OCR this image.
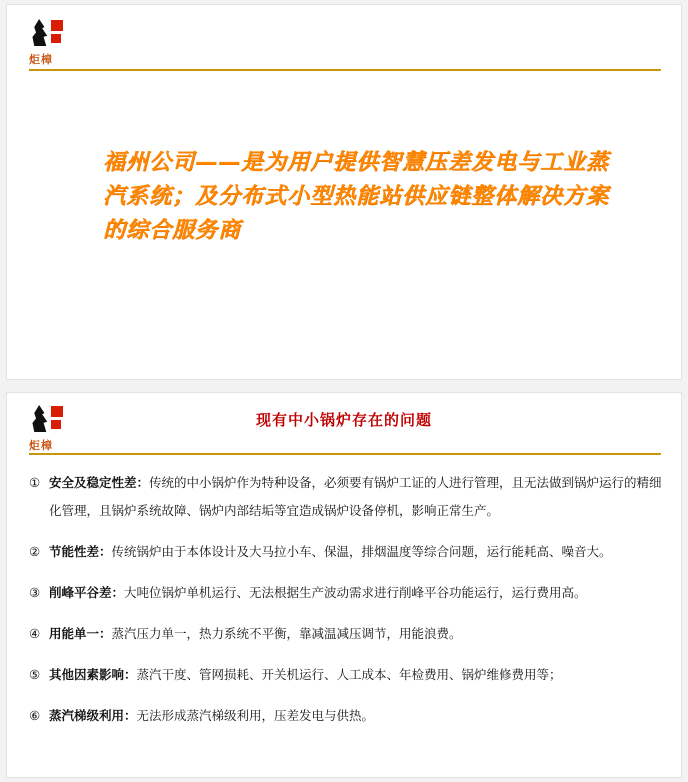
炬樟
福州公司——是为用户提供智慧压差发电与工业蒸汽系统；及分布式小型热能站供应链整体解决方案的综合服务商
炬樟
现有中小锅炉存在的问题
① 安全及稳定性差：传统的中小锅炉作为特种设备，必须要有锅炉工证的人进行管理，且无法做到锅炉运行的精细化管理，且锅炉系统故障、锅炉内部结垢等宜造成锅炉设备停机，影响正常生产。
② 节能性差：传统锅炉由于本体设计及大马拉小车、保温，排烟温度等综合问题，运行能耗高、噪音大。
③ 削峰平谷差：大吨位锅炉单机运行、无法根据生产波动需求进行削峰平谷功能运行，运行费用高。
④ 用能单一：蒸汽压力单一，热力系统不平衡，靠减温减压调节，用能浪费。
⑤ 其他因素影响：蒸汽干度、管网损耗、开关机运行、人工成本、年检费用、锅炉维修费用等；
⑥ 蒸汽梯级利用：无法形成蒸汽梯级利用，压差发电与供热。
